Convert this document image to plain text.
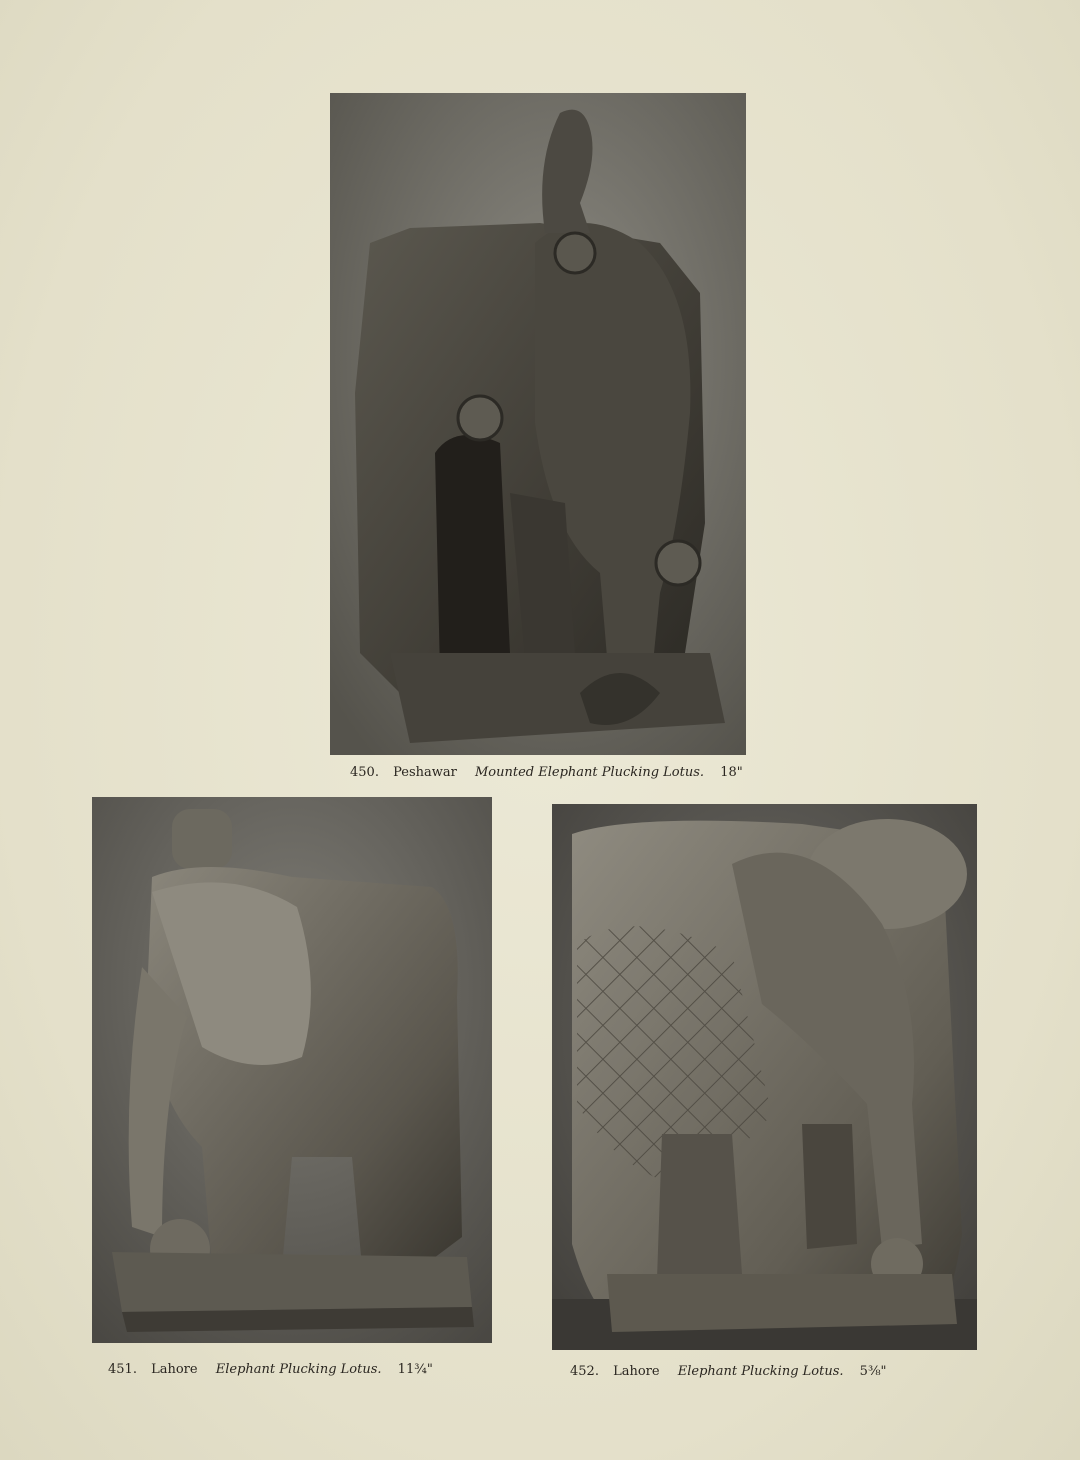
450. Peshawar Mounted Elephant Plucking Lotus. 18"
451. Lahore Elephant Plucking Lotus. 11¾"	452. Lahore Elephant Plucking Lotus. 5⅜"
